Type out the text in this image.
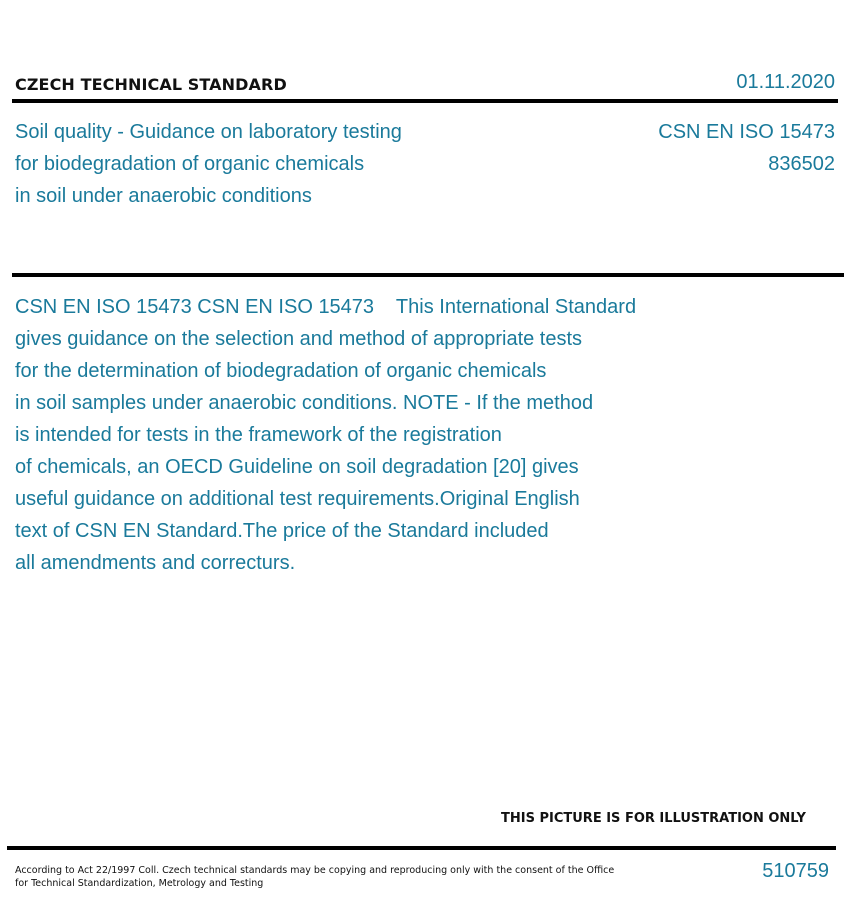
CZECH TECHNICAL STANDARD	01.11.2020
Soil quality - Guidance on laboratory testing
for biodegradation of organic chemicals
in soil under anaerobic conditions
CSN EN ISO 15473
836502
CSN EN ISO 15473 CSN EN ISO 15473    This International Standard
gives guidance on the selection and method of appropriate tests
for the determination of biodegradation of organic chemicals
in soil samples under anaerobic conditions. NOTE - If the method
is intended for tests in the framework of the registration
of chemicals, an OECD Guideline on soil degradation [20] gives
useful guidance on additional test requirements.Original English
text of CSN EN Standard.The price of the Standard included
all amendments and correcturs.
THIS PICTURE IS FOR ILLUSTRATION ONLY
According to Act 22/1997 Coll. Czech technical standards may be copying and reproducing only with the consent of the Office
for Technical Standardization, Metrology and Testing
510759
